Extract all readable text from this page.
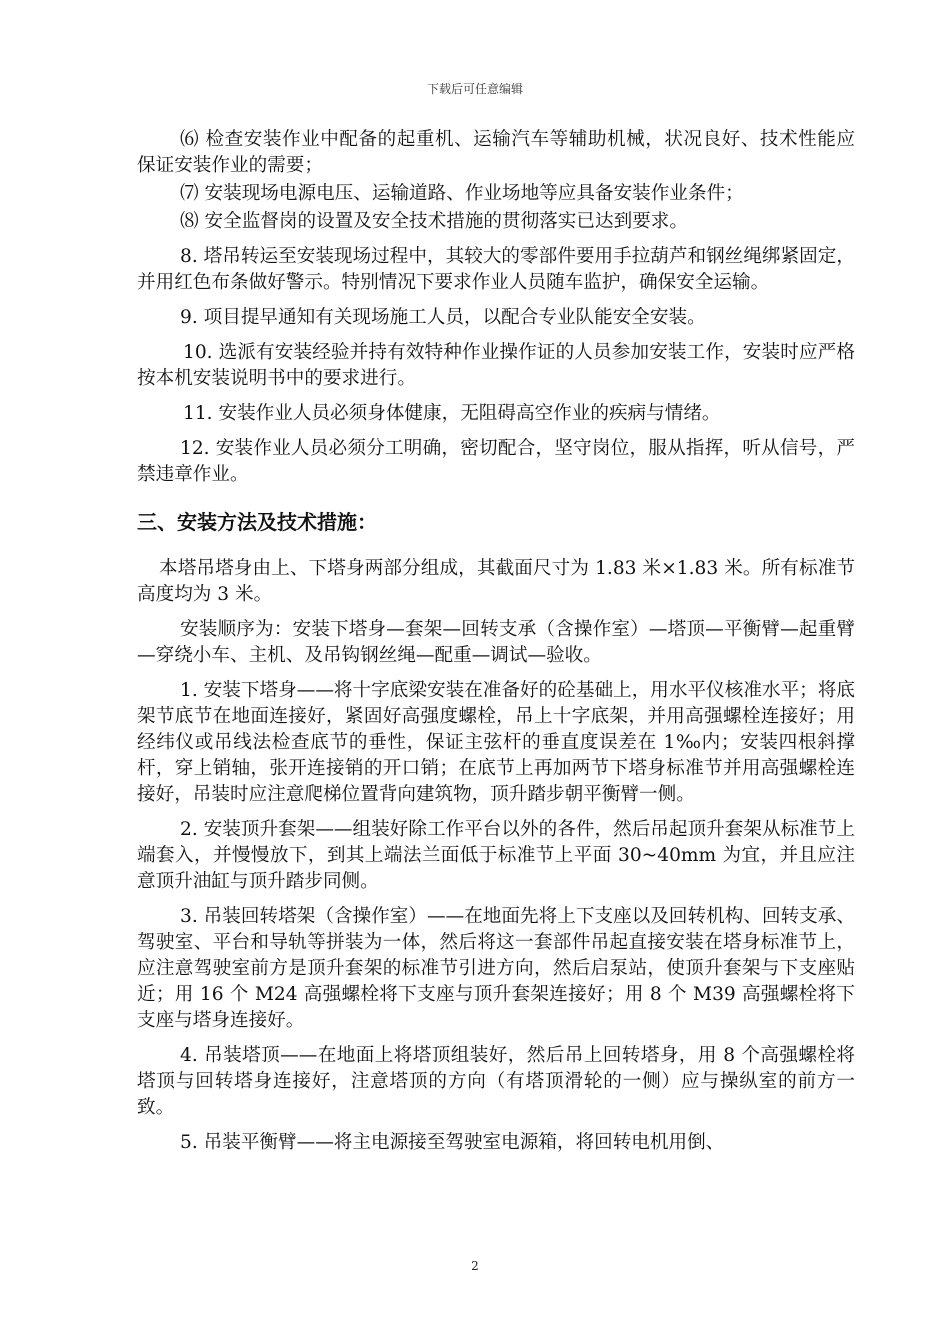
下载后可任意编辑

⑹ 检查安装作业中配备的起重机、运输汽车等辅助机械，状况良好、技术性能应保证安装作业的需要；

⑺ 安装现场电源电压、运输道路、作业场地等应具备安装作业条件；

⑻ 安全监督岗的设置及安全技术措施的贯彻落实已达到要求。

8. 塔吊转运至安装现场过程中，其较大的零部件要用手拉葫芦和钢丝绳绑紧固定，并用红色布条做好警示。特别情况下要求作业人员随车监护，确保安全运输。

9. 项目提早通知有关现场施工人员，以配合专业队能安全安装。

10. 选派有安装经验并持有效特种作业操作证的人员参加安装工作，安装时应严格按本机安装说明书中的要求进行。

11. 安装作业人员必须身体健康，无阻碍高空作业的疾病与情绪。

12. 安装作业人员必须分工明确，密切配合，坚守岗位，服从指挥，听从信号，严禁违章作业。

三、安装方法及技术措施：

本塔吊塔身由上、下塔身两部分组成，其截面尺寸为 1.83 米×1.83 米。所有标准节高度均为 3 米。

安装顺序为：安装下塔身—套架—回转支承（含操作室）—塔顶—平衡臂—起重臂—穿绕小车、主机、及吊钩钢丝绳—配重—调试—验收。

1. 安装下塔身——将十字底梁安装在准备好的砼基础上，用水平仪核准水平；将底架节底节在地面连接好，紧固好高强度螺栓，吊上十字底架，并用高强螺栓连接好；用经纬仪或吊线法检查底节的垂性，保证主弦杆的垂直度误差在 1‰内；安装四根斜撑杆，穿上销轴，张开连接销的开口销；在底节上再加两节下塔身标准节并用高强螺栓连接好，吊装时应注意爬梯位置背向建筑物，顶升踏步朝平衡臂一侧。

2. 安装顶升套架——组装好除工作平台以外的各件，然后吊起顶升套架从标准节上端套入，并慢慢放下，到其上端法兰面低于标准节上平面 30~40mm 为宜，并且应注意顶升油缸与顶升踏步同侧。

3. 吊装回转塔架（含操作室）——在地面先将上下支座以及回转机构、回转支承、驾驶室、平台和导轨等拼装为一体，然后将这一套部件吊起直接安装在塔身标准节上，应注意驾驶室前方是顶升套架的标准节引进方向，然后启泵站，使顶升套架与下支座贴近；用 16 个 M24 高强螺栓将下支座与顶升套架连接好；用 8 个 M39 高强螺栓将下支座与塔身连接好。

4. 吊装塔顶——在地面上将塔顶组装好，然后吊上回转塔身，用 8 个高强螺栓将塔顶与回转塔身连接好，注意塔顶的方向（有塔顶滑轮的一侧）应与操纵室的前方一致。

5. 吊装平衡臂——将主电源接至驾驶室电源箱，将回转电机用倒、

2
